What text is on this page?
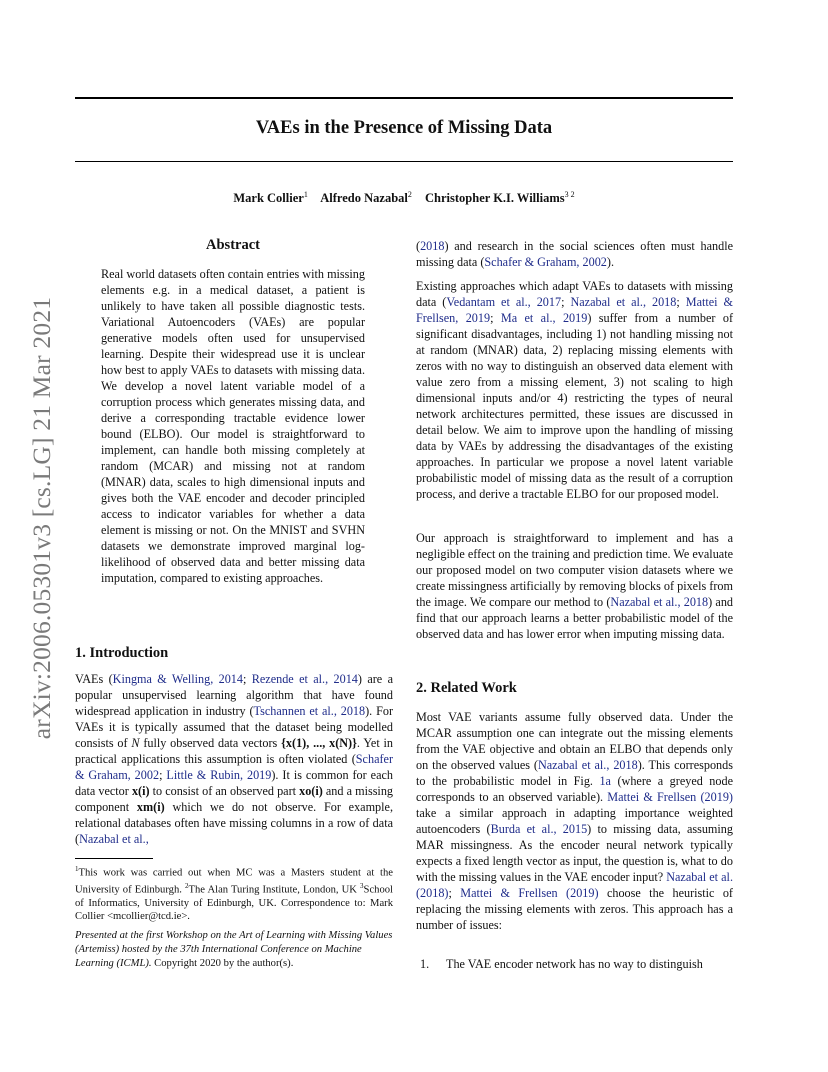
VAEs in the Presence of Missing Data
Mark Collier$^1$ Alfredo Nazabal$^2$ Christopher K.I. Williams$^{3 2}$
arXiv:2006.05301v3 [cs.LG] 21 Mar 2021
Abstract

Real world datasets often contain entries with missing elements e.g. in a medical dataset, a patient is unlikely to have taken all possible diagnostic tests. Variational Autoencoders (VAEs) are popular generative models often used for unsupervised learning. Despite their widespread use it is unclear how best to apply VAEs to datasets with missing data. We develop a novel latent variable model of a corruption process which generates missing data, and derive a corresponding tractable evidence lower bound (ELBO). Our model is straightforward to implement, can handle both missing completely at random (MCAR) and missing not at random (MNAR) data, scales to high dimensional inputs and gives both the VAE encoder and decoder principled access to indicator variables for whether a data element is missing or not. On the MNIST and SVHN datasets we demonstrate improved marginal log-likelihood of observed data and better missing data imputation, compared to existing approaches.

1. Introduction

VAEs (Kingma & Welling, 2014; Rezende et al., 2014) are a popular unsupervised learning algorithm that have found widespread application in industry (Tschannen et al., 2018). For VAEs it is typically assumed that the dataset being modelled consists of N fully observed data vectors {x(1), ..., x(N)}. Yet in practical applications this assumption is often violated (Schafer & Graham, 2002; Little & Rubin, 2019). It is common for each data vector x(i) to consist of an observed part xo(i) and a missing component xm(i) which we do not observe. For example, relational databases often have missing columns in a row of data (Nazabal et al.,

$^1$This work was carried out when MC was a Masters student at the University of Edinburgh. $^2$The Alan Turing Institute, London, UK $^3$School of Informatics, University of Edinburgh, UK. Correspondence to: Mark Collier <mcollier@tcd.ie>.
Presented at the first Workshop on the Art of Learning with Missing Values (Artemiss) hosted by the 37th International Conference on Machine Learning (ICML). Copyright 2020 by the author(s).

(2018) and research in the social sciences often must handle missing data (Schafer & Graham, 2002).

Existing approaches which adapt VAEs to datasets with missing data (Vedantam et al., 2017; Nazabal et al., 2018; Mattei & Frellsen, 2019; Ma et al., 2019) suffer from a number of significant disadvantages, including 1) not handling missing not at random (MNAR) data, 2) replacing missing elements with zeros with no way to distinguish an observed data element with value zero from a missing element, 3) not scaling to high dimensional inputs and/or 4) restricting the types of neural network architectures permitted, these issues are discussed in detail below. We aim to improve upon the handling of missing data by VAEs by addressing the disadvantages of the existing approaches. In particular we propose a novel latent variable probabilistic model of missing data as the result of a corruption process, and derive a tractable ELBO for our proposed model.

Our approach is straightforward to implement and has a negligible effect on the training and prediction time. We evaluate our proposed model on two computer vision datasets where we create missingness artificially by removing blocks of pixels from the image. We compare our method to (Nazabal et al., 2018) and find that our approach learns a better probabilistic model of the observed data and has lower error when imputing missing data.

2. Related Work

Most VAE variants assume fully observed data. Under the MCAR assumption one can integrate out the missing elements from the VAE objective and obtain an ELBO that depends only on the observed values (Nazabal et al., 2018). This corresponds to the probabilistic model in Fig. 1a (where a greyed node corresponds to an observed variable). Mattei & Frellsen (2019) take a similar approach in adapting importance weighted autoencoders (Burda et al., 2015) to missing data, assuming MAR missingness. As the encoder neural network typically expects a fixed length vector as input, the question is, what to do with the missing values in the VAE encoder input? Nazabal et al. (2018); Mattei & Frellsen (2019) choose the heuristic of replacing the missing elements with zeros. This approach has a number of issues:

1. The VAE encoder network has no way to distinguish
